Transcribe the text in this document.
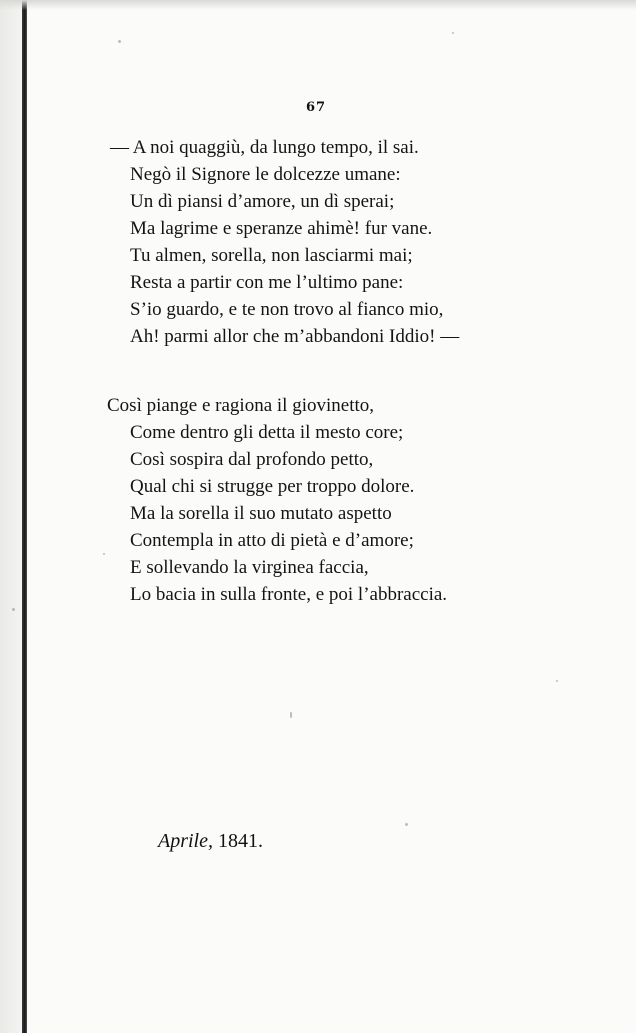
67
— A noi quaggiù, da lungo tempo, il sai.
Negò il Signore le dolcezze umane:
Un dì piansi d’amore, un dì sperai;
Ma lagrime e speranze ahimè! fur vane.
Tu almen, sorella, non lasciarmi mai;
Resta a partir con me l’ultimo pane:
S’io guardo, e te non trovo al fianco mio,
Ah! parmi allor che m’abbandoni Iddio! —
Così piange e ragiona il giovinetto,
Come dentro gli detta il mesto core;
Così sospira dal profondo petto,
Qual chi si strugge per troppo dolore.
Ma la sorella il suo mutato aspetto
Contempla in atto di pietà e d’amore;
E sollevando la virginea faccia,
Lo bacia in sulla fronte, e poi l’abbraccia.
Aprile, 1841.
